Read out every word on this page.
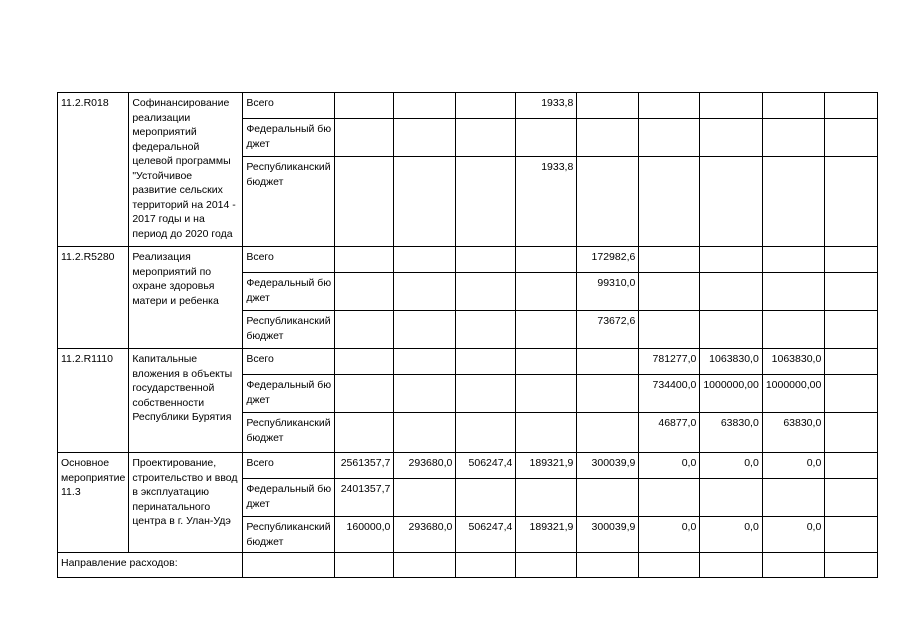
11.2.R018	Софинансирование реализации мероприятий федеральной целевой программы "Устойчивое развитие сельских территорий на 2014 - 2017 годы и на период до 2020 года	Всего				1933,8					
		Федеральный бюджет									
		Республиканский бюджет				1933,8					
11.2.R5280	Реализация мероприятий по охране здоровья матери и ребенка	Всего					172982,6				
		Федеральный бюджет					99310,0				
		Республиканский бюджет					73672,6				
11.2.R1110	Капитальные вложения в объекты государственной собственности Республики Бурятия	Всего						781277,0	1063830,0	1063830,0	
		Федеральный бюджет						734400,0	1000000,00	1000000,00	
		Республиканский бюджет						46877,0	63830,0	63830,0	
Основное мероприятие 11.3	Проектирование, строительство и ввод в эксплуатацию перинатального центра в г. Улан-Удэ	Всего	2561357,7	293680,0	506247,4	189321,9	300039,9	0,0	0,0	0,0	
		Федеральный бюджет	2401357,7								
		Республиканский бюджет	160000,0	293680,0	506247,4	189321,9	300039,9	0,0	0,0	0,0	
Направление расходов:											
